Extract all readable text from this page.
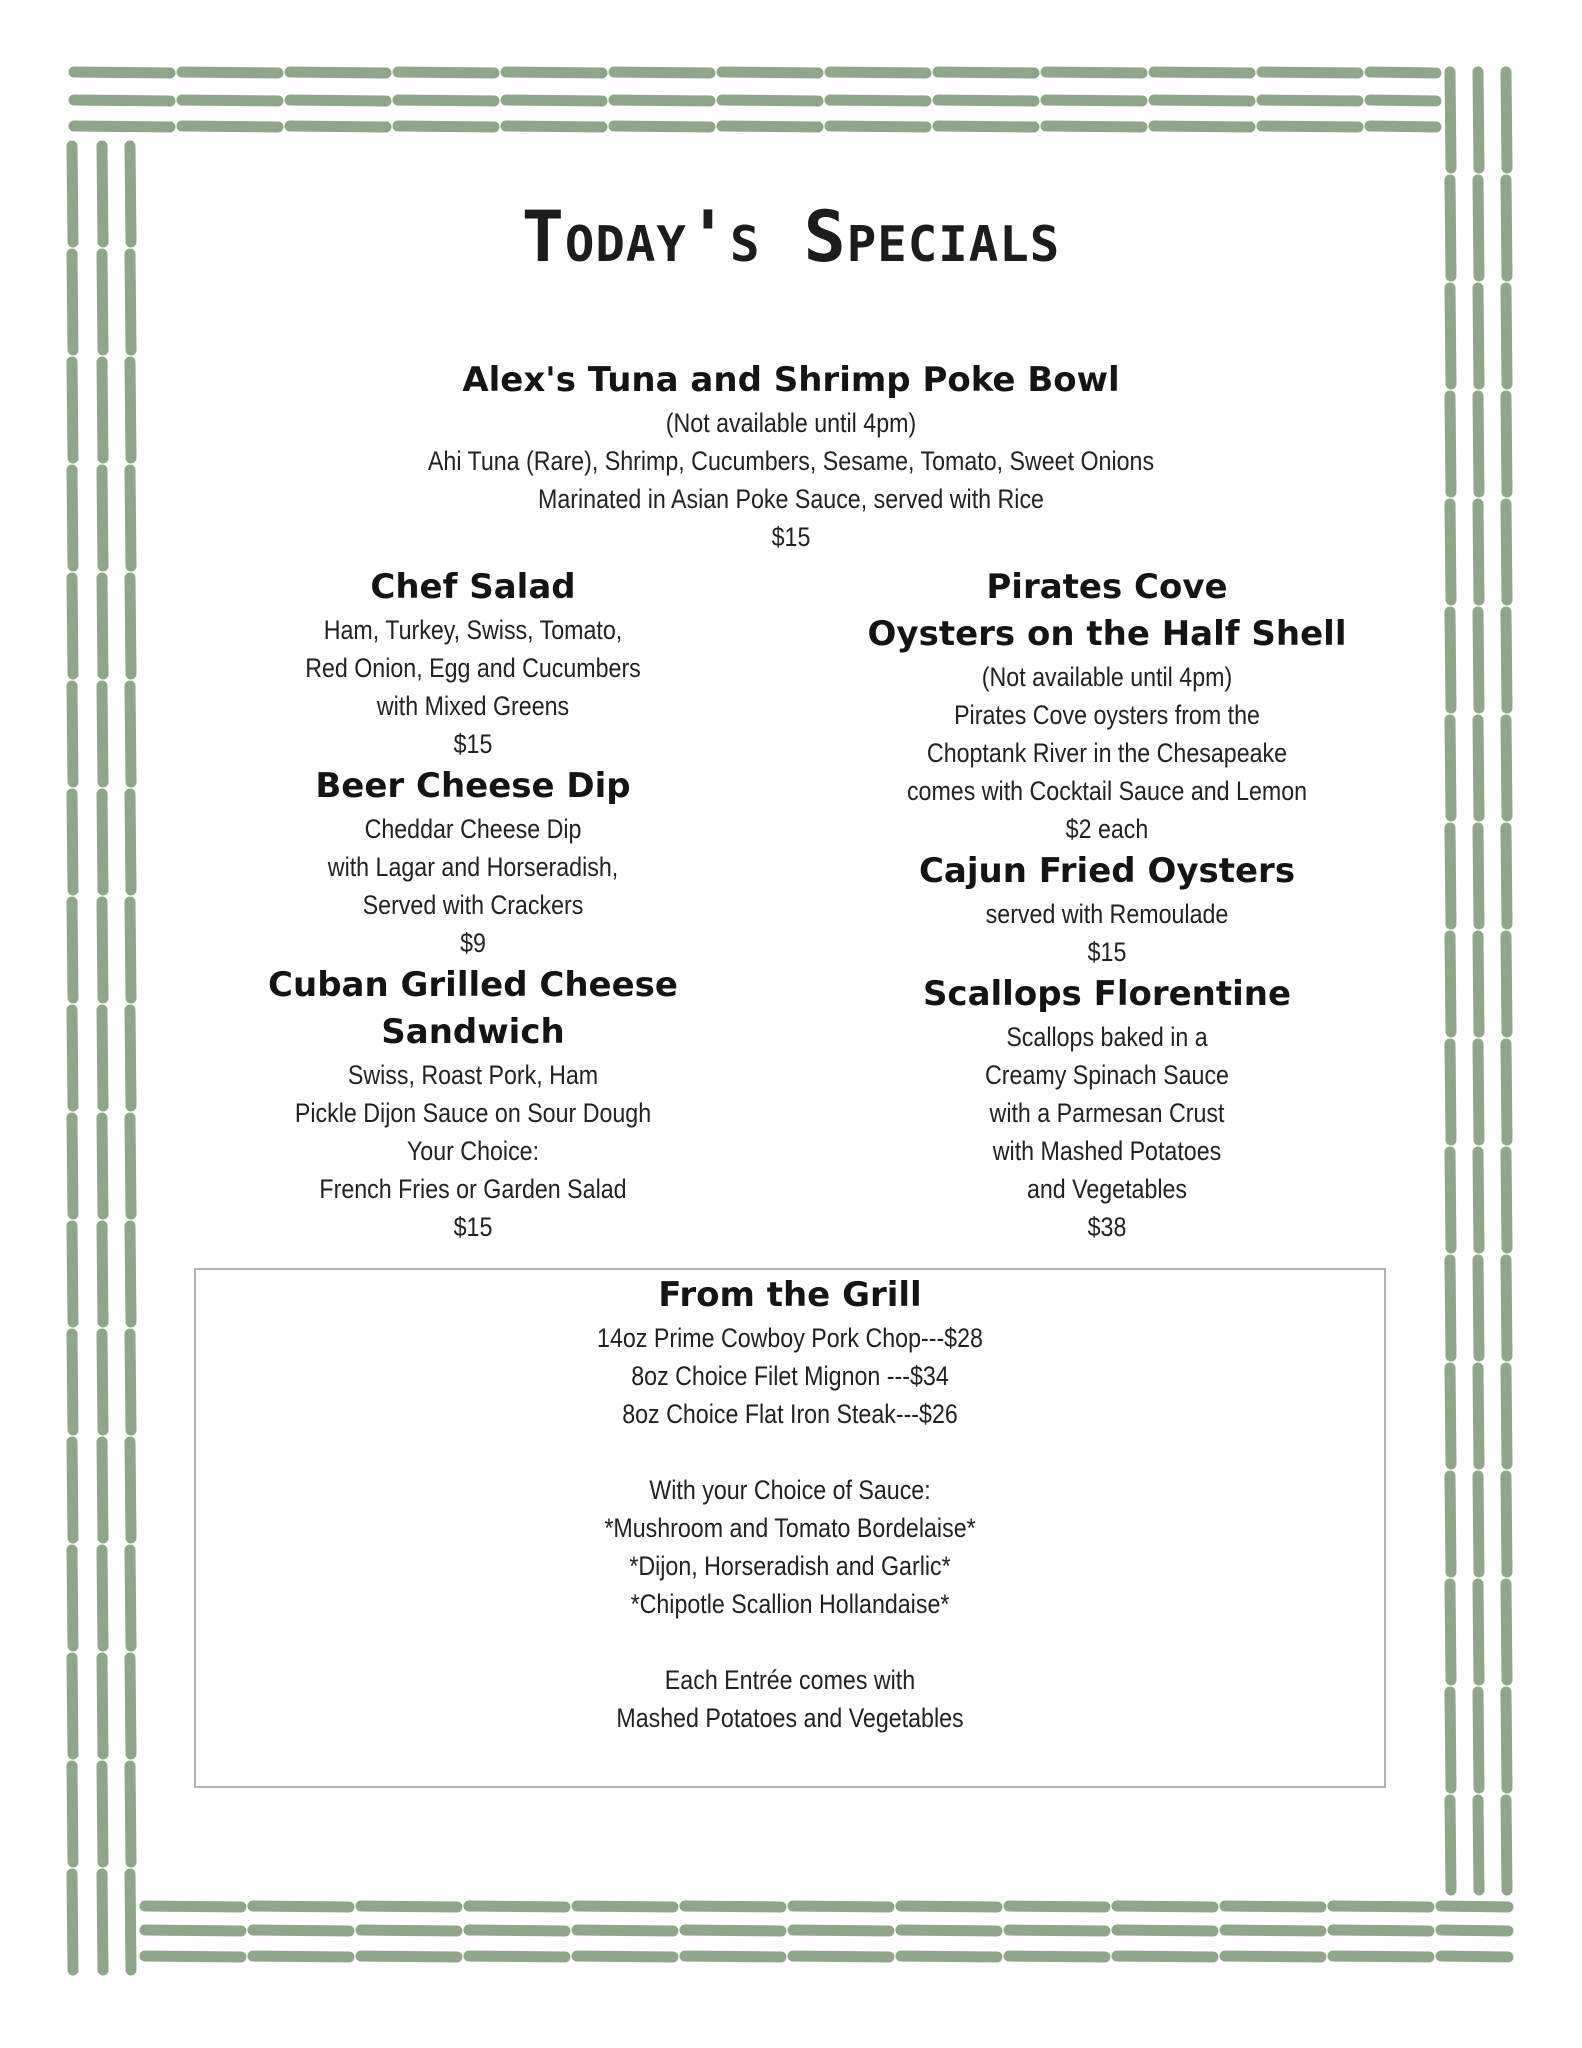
Today's Specials
Alex's Tuna and Shrimp Poke Bowl
(Not available until 4pm)
Ahi Tuna (Rare), Shrimp, Cucumbers, Sesame, Tomato, Sweet Onions
Marinated in Asian Poke Sauce, served with Rice
$15
Chef Salad
Ham, Turkey, Swiss, Tomato,
Red Onion, Egg and Cucumbers
with Mixed Greens
$15
Beer Cheese Dip
Cheddar Cheese Dip
with Lagar and Horseradish,
Served with Crackers
$9
Cuban Grilled Cheese
Sandwich
Swiss, Roast Pork, Ham
Pickle Dijon Sauce on Sour Dough
Your Choice:
French Fries or Garden Salad
$15
Pirates Cove
Oysters on the Half Shell
(Not available until 4pm)
Pirates Cove oysters from the
Choptank River in the Chesapeake
comes with Cocktail Sauce and Lemon
$2 each
Cajun Fried Oysters
served with Remoulade
$15
Scallops Florentine
Scallops baked in a
Creamy Spinach Sauce
with a Parmesan Crust
with Mashed Potatoes
and Vegetables
$38
From the Grill
14oz Prime Cowboy Pork Chop---$28
8oz Choice Filet Mignon ---$34
8oz Choice Flat Iron Steak---$26
With your Choice of Sauce:
*Mushroom and Tomato Bordelaise*
*Dijon, Horseradish and Garlic*
*Chipotle Scallion Hollandaise*
Each Entrée comes with
Mashed Potatoes and Vegetables
